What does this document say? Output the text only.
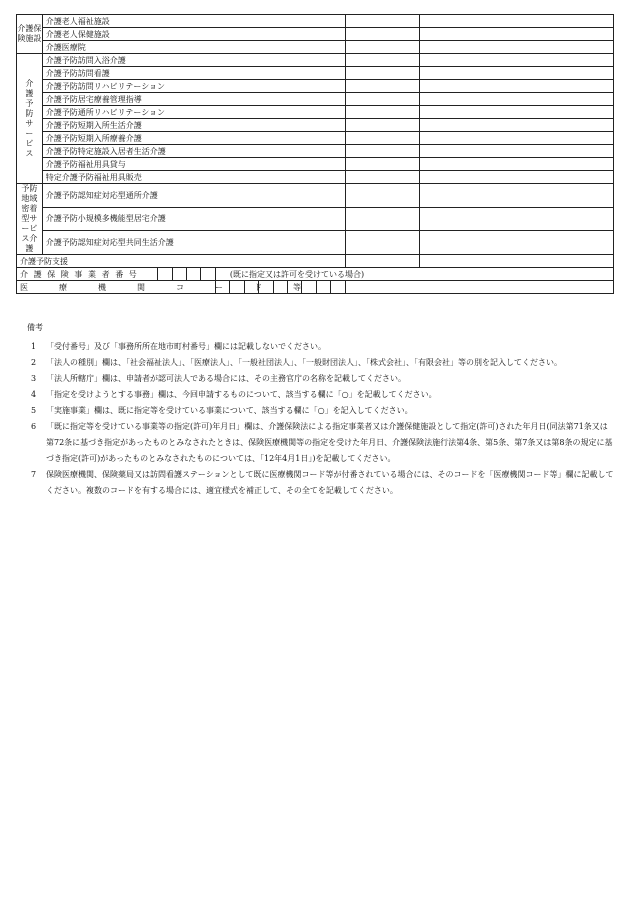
介護保険施設	介護老人福祉施設															
	介護老人保健施設															
	介護医療院															
介護予防サービス	介護予防訪問入浴介護															
	介護予防訪問看護															
	介護予防訪問リハビリテーション															
	介護予防居宅療養管理指導															
	介護予防通所リハビリテーション															
	介護予防短期入所生活介護															
	介護予防短期入所療養介護															
	介護予防特定施設入居者生活介護															
	介護予防福祉用具貸与															
	特定介護予防福祉用具販売															
予防地域密着型サービス介護	介護予防認知症対応型通所介護															
	介護予防小規模多機能型居宅介護															
	介護予防認知症対応型共同生活介護															
介護予防支援																
介護保険事業者番号						(既に指定又は許可を受けている場合)										
医療機関コード等																
備考

1 「受付番号」及び「事務所所在地市町村番号」欄には記載しないでください。

2 「法人の種別」欄は、「社会福祉法人」、「医療法人」、「一般社団法人」、「一般財団法人」、「株式会社」、「有限会社」等の別を記入してください。

3 「法人所轄庁」欄は、申請者が認可法人である場合には、その主務官庁の名称を記載してください。

4 「指定を受けようとする事務」欄は、今回申請するものについて、該当する欄に「○」を記載してください。

5 「実施事業」欄は、既に指定等を受けている事業について、該当する欄に「○」を記入してください。

6 「既に指定等を受けている事業等の指定(許可)年月日」欄は、介護保険法による指定事業者又は介護保健施設として指定(許可)された年月日(同法第71条又は第72条に基づき指定があったものとみなされたときは、保険医療機関等の指定を受けた年月日、介護保険法施行法第4条、第5条、第7条又は第8条の規定に基づき指定(許可)があったものとみなされたものについては、「12年4月1日」)を記載してください。

7 保険医療機関、保険薬局又は訪問看護ステーションとして既に医療機関コード等が付番されている場合には、そのコードを「医療機関コード等」欄に記載してください。複数のコードを有する場合には、適宜様式を補正して、その全てを記載してください。
